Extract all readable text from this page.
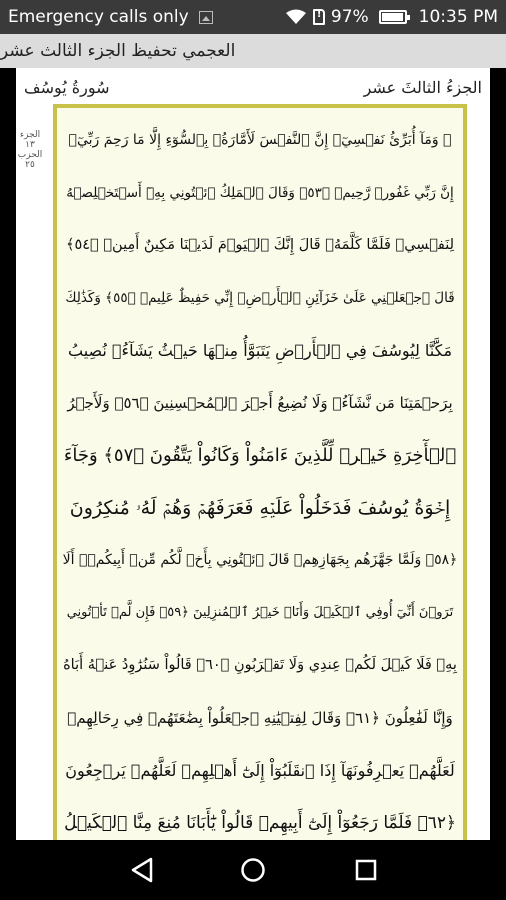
Emergency calls only
!	97%	10:35 PM
العجمي تحفيظ الجزء الثالث عشر
الجزءُ الثالثَ عشر
سُورةُ يُوسُف
الجزء ١٣
الحزب ٢٥
۞ وَمَآ أُبَرِّئُ نَفۡسِيٓۚ إِنَّ ٱلنَّفۡسَ لَأَمَّارَةُۢ بِٱلسُّوٓءِ إِلَّا مَا رَحِمَ رَبِّيٓۚ
إِنَّ رَبِّي غَفُورٞ رَّحِيمٞ ﴿٥٣﴾ وَقَالَ ٱلۡمَلِكُ ٱئۡتُونِي بِهِۦٓ أَسۡتَخۡلِصۡهُ
لِنَفۡسِيۖ فَلَمَّا كَلَّمَهُۥ قَالَ إِنَّكَ ٱلۡيَوۡمَ لَدَيۡنَا مَكِينٌ أَمِينٞ ﴿٥٤﴾
قَالَ ٱجۡعَلۡنِي عَلَىٰ خَزَآئِنِ ٱلۡأَرۡضِۖ إِنِّي حَفِيظٌ عَلِيمٞ ﴿٥٥﴾ وَكَذَٰلِكَ
مَكَّنَّا لِيُوسُفَ فِي ٱلۡأَرۡضِ يَتَبَوَّأُ مِنۡهَا حَيۡثُ يَشَآءُۚ نُصِيبُ
بِرَحۡمَتِنَا مَن نَّشَآءُۖ وَلَا نُضِيعُ أَجۡرَ ٱلۡمُحۡسِنِينَ ﴿٥٦﴾ وَلَأَجۡرُ
ٱلۡأٓخِرَةِ خَيۡرٞ لِّلَّذِينَ ءَامَنُواْ وَكَانُواْ يَتَّقُونَ ﴿٥٧﴾ وَجَآءَ
إِخۡوَةُ يُوسُفَ فَدَخَلُواْ عَلَيۡهِ فَعَرَفَهُمۡ وَهُمۡ لَهُۥ مُنكِرُونَ
﴿٥٨﴾ وَلَمَّا جَهَّزَهُم بِجَهَازِهِمۡ قَالَ ٱئۡتُونِي بِأَخٖ لَّكُم مِّنۡ أَبِيكُمۡۚ أَلَا
تَرَوۡنَ أَنِّيٓ أُوفِي ٱلۡكَيۡلَ وَأَنَا۠ خَيۡرُ ٱلۡمُنزِلِينَ ﴿٥٩﴾ فَإِن لَّمۡ تَأۡتُونِي
بِهِۦ فَلَا كَيۡلَ لَكُمۡ عِندِي وَلَا تَقۡرَبُونِ ﴿٦٠﴾ قَالُواْ سَنُرَٰوِدُ عَنۡهُ أَبَاهُ
وَإِنَّا لَفَٰعِلُونَ ﴿٦١﴾ وَقَالَ لِفِتۡيَٰنِهِ ٱجۡعَلُواْ بِضَٰعَتَهُمۡ فِي رِحَالِهِمۡ
لَعَلَّهُمۡ يَعۡرِفُونَهَآ إِذَا ٱنقَلَبُوٓاْ إِلَىٰٓ أَهۡلِهِمۡ لَعَلَّهُمۡ يَرۡجِعُونَ
﴿٦٢﴾ فَلَمَّا رَجَعُوٓاْ إِلَىٰٓ أَبِيهِمۡ قَالُواْ يَٰٓأَبَانَا مُنِعَ مِنَّا ٱلۡكَيۡلُ
